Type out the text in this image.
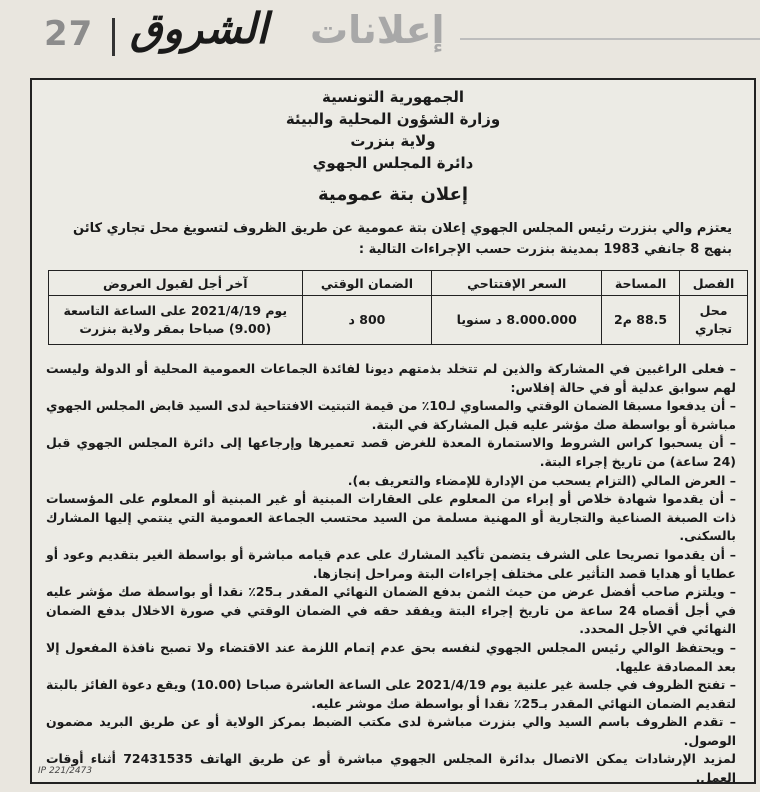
27 الشروق إعلانات
الجمهورية التونسية
وزارة الشؤون المحلية والبيئة
ولاية بنزرت
دائرة المجلس الجهوي
إعلان بتة عمومية
يعتزم والي بنزرت رئيس المجلس الجهوي إعلان بتة عمومية عن طريق الظروف لتسويغ محل تجاري كائن بنهج 8 جانفي 1983 بمدينة بنزرت حسب الإجراءات التالية :
الفصل	المساحة	السعر الإفتتاحي	الضمان الوقتي	آخر أجل لقبول العروض
محل تجاري	88.5 م2	8.000.000 د سنويا	800 د	يوم 2021/4/19 على الساعة التاسعة (9.00) صباحا بمقر ولاية بنزرت

– فعلى الراغبين في المشاركة والذين لم تتخلد بذمتهم ديونا لفائدة الجماعات العمومية المحلية أو الدولة وليست لهم سوابق عدلية أو في حالة إفلاس:

– أن يدفعوا مسبقا الضمان الوقتي والمساوي لـ10٪ من قيمة التبتيت الافتتاحية لدى السيد قابض المجلس الجهوي مباشرة أو بواسطة صك مؤشر عليه قبل المشاركة في البتة.

– أن يسحبوا كراس الشروط والاستمارة المعدة للغرض قصد تعميرها وإرجاعها إلى دائرة المجلس الجهوي قبل (24 ساعة) من تاريخ إجراء البتة.

– العرض المالي (التزام يسحب من الإدارة للإمضاء والتعريف به).

– أن يقدموا شهادة خلاص أو إبراء من المعلوم على العقارات المبنية أو غير المبنية أو المعلوم على المؤسسات ذات الصبغة الصناعية والتجارية أو المهنية مسلمة من السيد محتسب الجماعة العمومية التي ينتمي إليها المشارك بالسكنى.

– أن يقدموا تصريحا على الشرف يتضمن تأكيد المشارك على عدم قيامه مباشرة أو بواسطة الغير بتقديم وعود أو عطايا أو هدايا قصد التأثير على مختلف إجراءات البتة ومراحل إنجازها.

– ويلتزم صاحب أفضل عرض من حيث الثمن بدفع الضمان النهائي المقدر بـ25٪ نقدا أو بواسطة صك مؤشر عليه في أجل أقصاه 24 ساعة من تاريخ إجراء البتة ويفقد حقه في الضمان الوقتي في صورة الاخلال بدفع الضمان النهائي في الأجل المحدد.

– ويحتفظ الوالي رئيس المجلس الجهوي لنفسه بحق عدم إتمام اللزمة عند الاقتضاء ولا تصبح نافذة المفعول إلا بعد المصادقة عليها.

– تفتح الظروف في جلسة غير علنية يوم 2021/4/19 على الساعة العاشرة صباحا (10.00) ويقع دعوة الفائز بالبتة لتقديم الضمان النهائي المقدر بـ25٪ نقدا أو بواسطة صك موشر عليه.

– تقدم الظروف باسم السيد والي بنزرت مباشرة لدى مكتب الضبط بمركز الولاية أو عن طريق البريد مضمون الوصول.

لمزيد الإرشادات يمكن الاتصال بدائرة المجلس الجهوي مباشرة أو عن طريق الهاتف 72431535 أثناء أوقات العمل.

IP 221/2473
